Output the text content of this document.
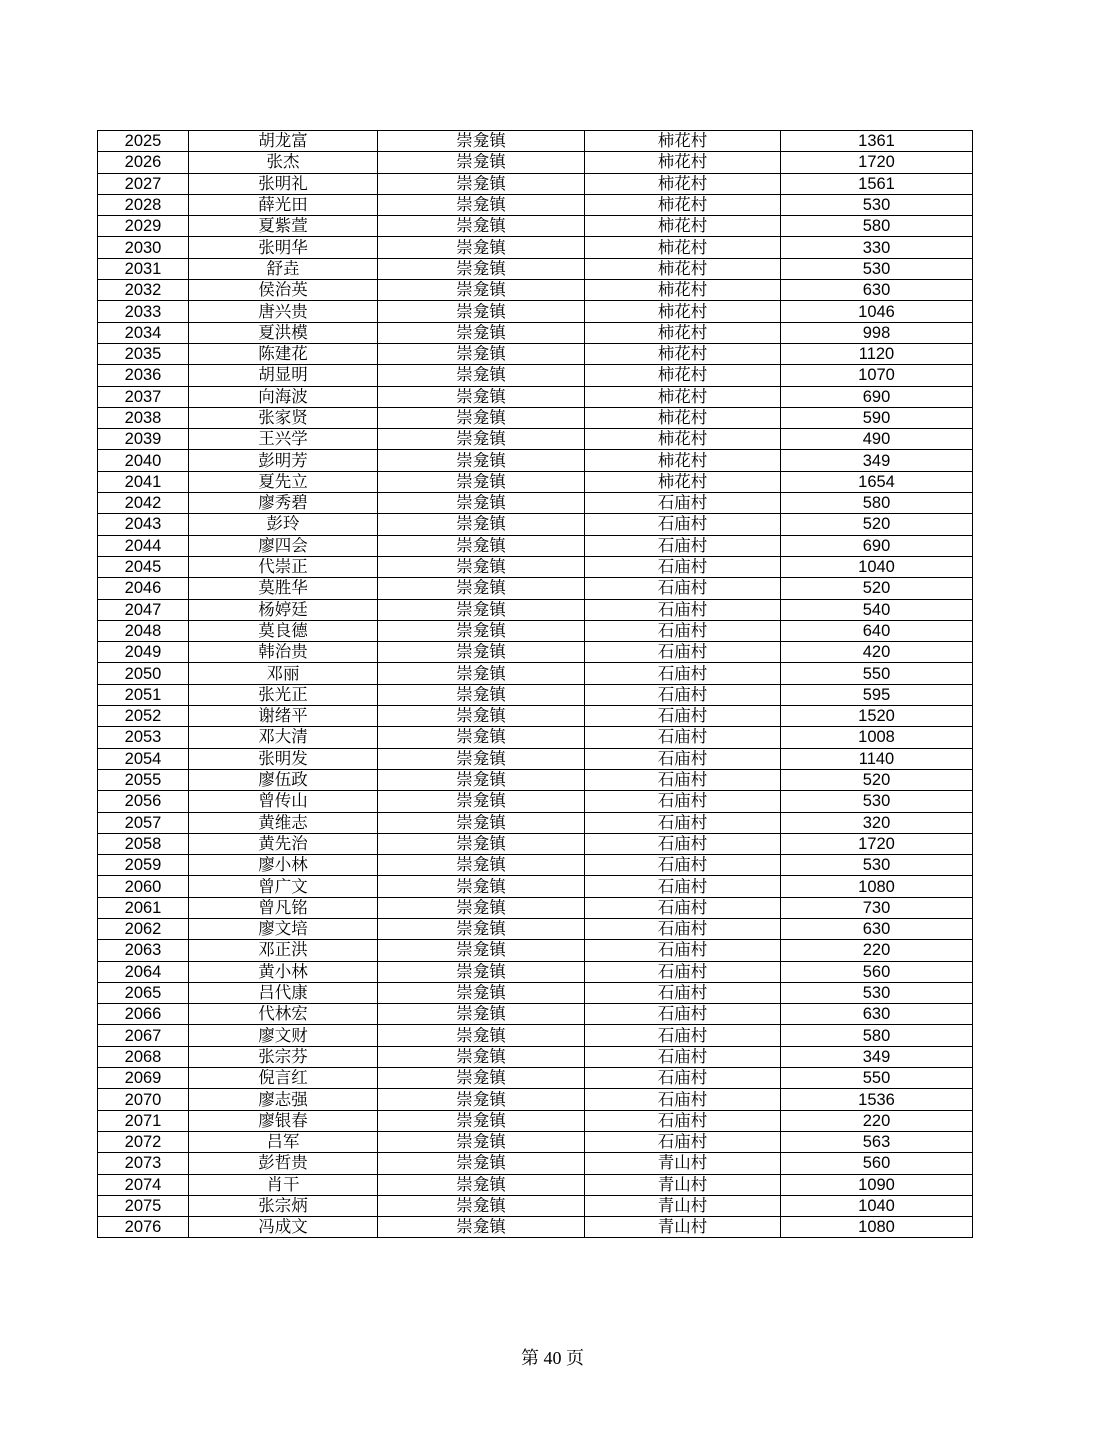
2025	胡龙富	崇龛镇	柿花村	1361
2026	张杰	崇龛镇	柿花村	1720
2027	张明礼	崇龛镇	柿花村	1561
2028	薛光田	崇龛镇	柿花村	530
2029	夏紫萱	崇龛镇	柿花村	580
2030	张明华	崇龛镇	柿花村	330
2031	舒垚	崇龛镇	柿花村	530
2032	侯治英	崇龛镇	柿花村	630
2033	唐兴贵	崇龛镇	柿花村	1046
2034	夏洪模	崇龛镇	柿花村	998
2035	陈建花	崇龛镇	柿花村	1120
2036	胡显明	崇龛镇	柿花村	1070
2037	向海波	崇龛镇	柿花村	690
2038	张家贤	崇龛镇	柿花村	590
2039	王兴学	崇龛镇	柿花村	490
2040	彭明芳	崇龛镇	柿花村	349
2041	夏先立	崇龛镇	柿花村	1654
2042	廖秀碧	崇龛镇	石庙村	580
2043	彭玲	崇龛镇	石庙村	520
2044	廖四会	崇龛镇	石庙村	690
2045	代崇正	崇龛镇	石庙村	1040
2046	莫胜华	崇龛镇	石庙村	520
2047	杨婷廷	崇龛镇	石庙村	540
2048	莫良德	崇龛镇	石庙村	640
2049	韩治贵	崇龛镇	石庙村	420
2050	邓丽	崇龛镇	石庙村	550
2051	张光正	崇龛镇	石庙村	595
2052	谢绪平	崇龛镇	石庙村	1520
2053	邓大清	崇龛镇	石庙村	1008
2054	张明发	崇龛镇	石庙村	1140
2055	廖伍政	崇龛镇	石庙村	520
2056	曾传山	崇龛镇	石庙村	530
2057	黄维志	崇龛镇	石庙村	320
2058	黄先治	崇龛镇	石庙村	1720
2059	廖小林	崇龛镇	石庙村	530
2060	曾广文	崇龛镇	石庙村	1080
2061	曾凡铭	崇龛镇	石庙村	730
2062	廖文培	崇龛镇	石庙村	630
2063	邓正洪	崇龛镇	石庙村	220
2064	黄小林	崇龛镇	石庙村	560
2065	吕代康	崇龛镇	石庙村	530
2066	代林宏	崇龛镇	石庙村	630
2067	廖文财	崇龛镇	石庙村	580
2068	张宗芬	崇龛镇	石庙村	349
2069	倪言红	崇龛镇	石庙村	550
2070	廖志强	崇龛镇	石庙村	1536
2071	廖银春	崇龛镇	石庙村	220
2072	吕军	崇龛镇	石庙村	563
2073	彭哲贵	崇龛镇	青山村	560
2074	肖干	崇龛镇	青山村	1090
2075	张宗炳	崇龛镇	青山村	1040
2076	冯成文	崇龛镇	青山村	1080
第 40 页
